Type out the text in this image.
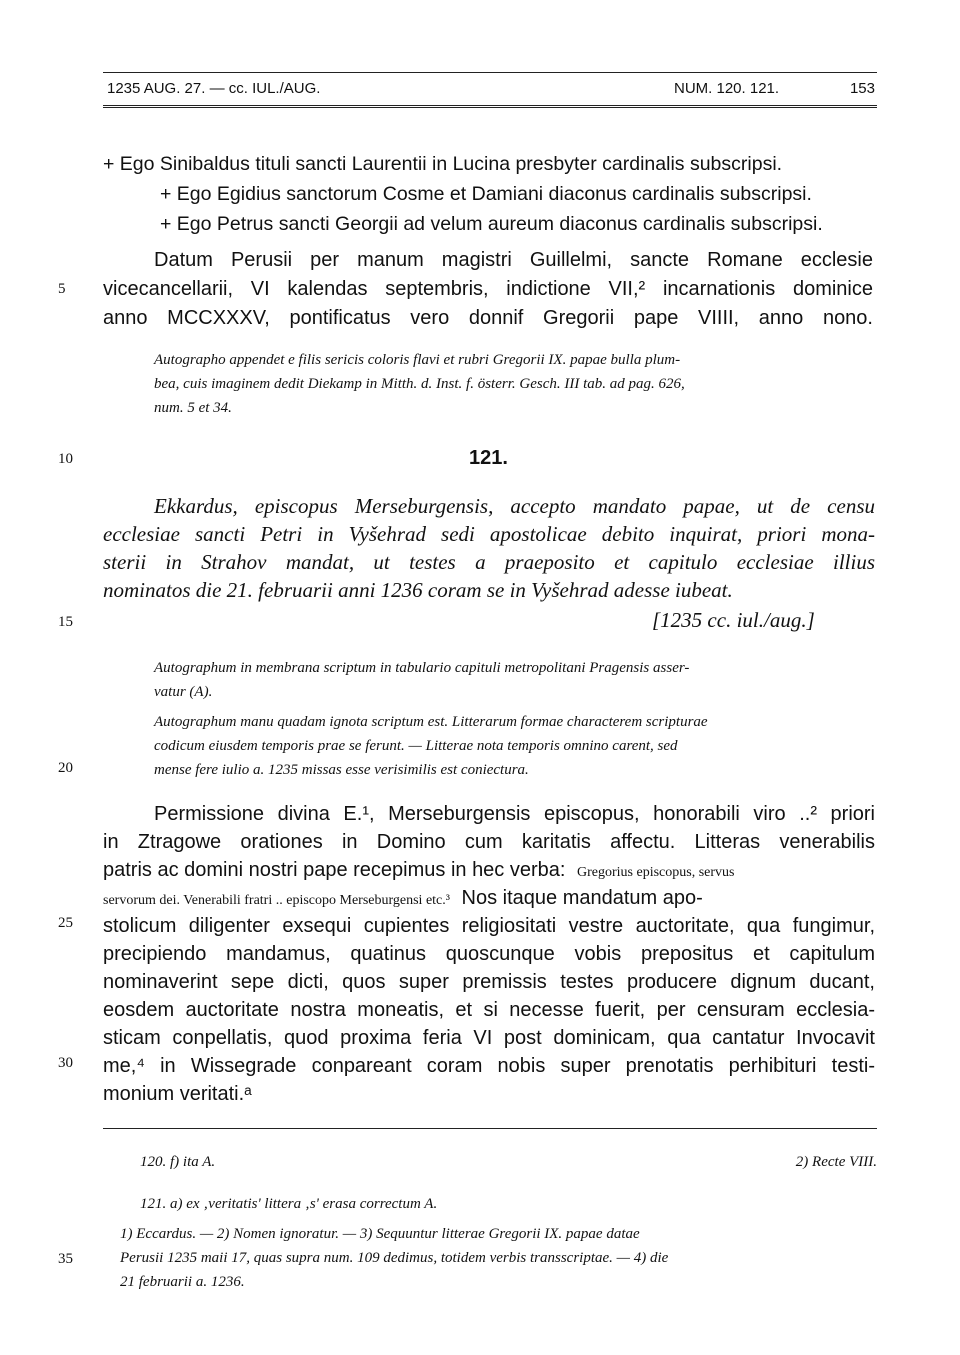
1235 AUG. 27. — cc. IUL./AUG.	NUM. 120. 121.	153
5
10
15
20
25
30
35
+ Ego Sinibaldus tituli sancti Laurentii in Lucina presbyter cardinalis subscripsi.
+ Ego Egidius sanctorum Cosme et Damiani diaconus cardinalis subscripsi.
+ Ego Petrus sancti Georgii ad velum aureum diaconus cardinalis subscripsi.
Datum Perusii per manum magistri Guillelmi, sancte Romane ecclesie
vicecancellarii, VI kalendas septembris, indictione VII,² incarnationis dominice
anno MCCXXXV, pontificatus vero donnif Gregorii pape VIIII, anno nono.
Autographo appendet e filis sericis coloris flavi et rubri Gregorii IX. papae bulla plum-
bea, cuis imaginem dedit Diekamp in Mitth. d. Inst. f. österr. Gesch. III tab. ad pag. 626,
num. 5 et 34.
121.
Ekkardus, episcopus Merseburgensis, accepto mandato papae, ut de censu
ecclesiae sancti Petri in Vyšehrad sedi apostolicae debito inquirat, priori mona-
sterii in Strahov mandat, ut testes a praeposito et capitulo ecclesiae illius
nominatos die 21. februarii anni 1236 coram se in Vyšehrad adesse iubeat.
[1235 cc. iul./aug.]
Autographum in membrana scriptum in tabulario capituli metropolitani Pragensis asser-
vatur (A).
Autographum manu quadam ignota scriptum est. Litterarum formae characterem scripturae
codicum eiusdem temporis prae se ferunt. — Litterae nota temporis omnino carent, sed
mense fere iulio a. 1235 missas esse verisimilis est coniectura.
Permissione divina E.¹, Merseburgensis episcopus, honorabili viro ..² priori
in Ztragowe orationes in Domino cum karitatis affectu. Litteras venerabilis
patris ac domini nostri pape recepimus in hec verba: Gregorius episcopus, servus
servorum dei. Venerabili fratri .. episcopo Merseburgensi etc.³ Nos itaque mandatum apo-
stolicum diligenter exsequi cupientes religiositati vestre auctoritate, qua fungimur,
precipiendo mandamus, quatinus quoscunque vobis prepositus et capitulum
nominaverint sepe dicti, quos super premissis testes producere dignum ducant,
eosdem auctoritate nostra moneatis, et si necesse fuerit, per censuram ecclesia-
sticam conpellatis, quod proxima feria VI post dominicam, qua cantatur Invocavit
me,⁴ in Wissegrade conpareant coram nobis super prenotatis perhibituri testi-
monium veritati.ᵃ
120. f) ita A.	2) Recte VIII.
121. a) ex ‚veritatis' littera ‚s' erasa correctum A.
1) Eccardus. — 2) Nomen ignoratur. — 3) Sequuntur litterae Gregorii IX. papae datae
Perusii 1235 maii 17, quas supra num. 109 dedimus, totidem verbis transscriptae. — 4) die
21 februarii a. 1236.
